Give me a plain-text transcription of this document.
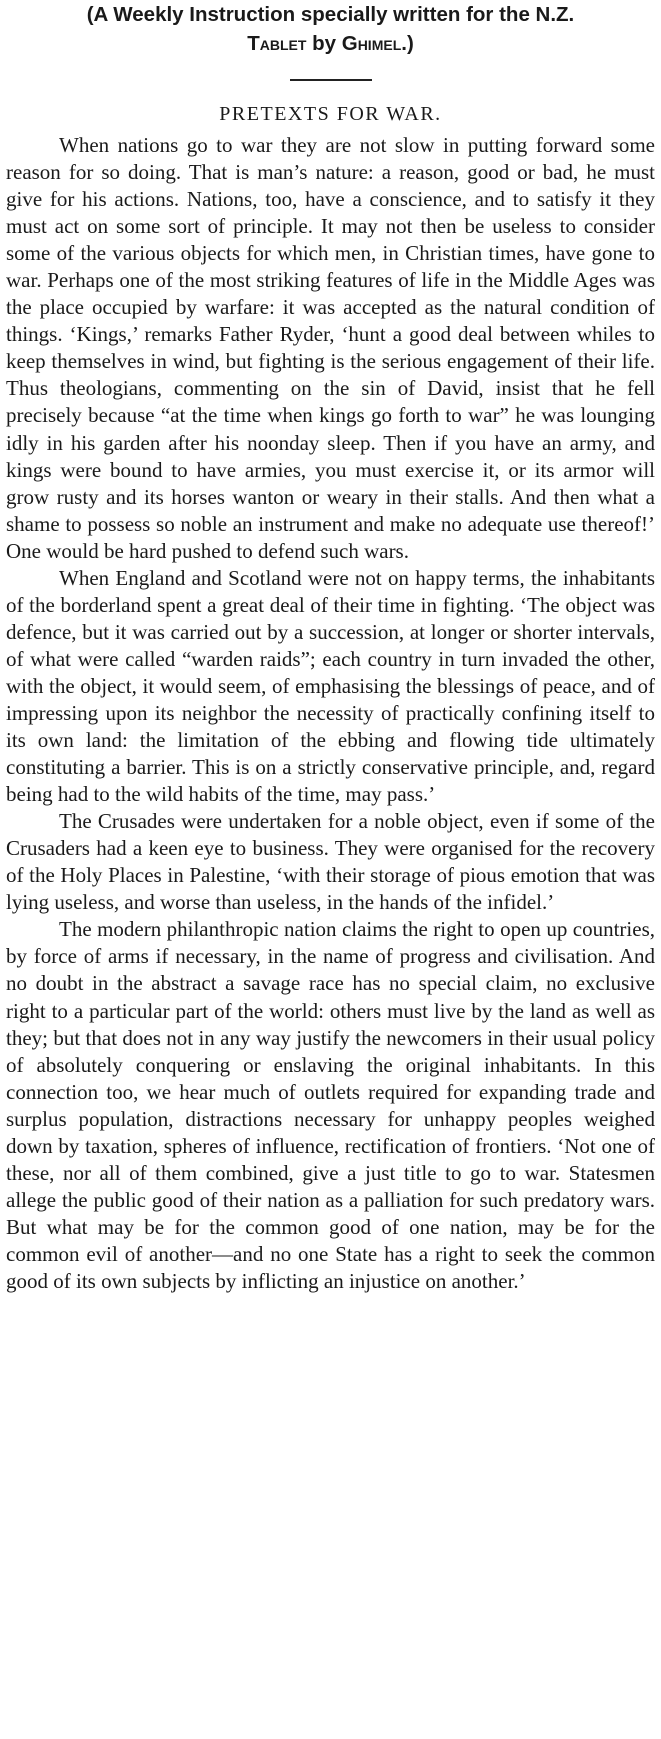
(A Weekly Instruction specially written for the N.Z.
Tablet by Ghimel.)
PRETEXTS FOR WAR.

When nations go to war they are not slow in putting forward some reason for so doing. That is man’s nature: a reason, good or bad, he must give for his actions. Nations, too, have a conscience, and to satisfy it they must act on some sort of principle. It may not then be useless to consider some of the various objects for which men, in Christian times, have gone to war. Perhaps one of the most striking features of life in the Middle Ages was the place occupied by warfare: it was accepted as the natural condition of things. ‘Kings,’ remarks Father Ryder, ‘hunt a good deal between whiles to keep themselves in wind, but fighting is the serious engagement of their life. Thus theologians, commenting on the sin of David, insist that he fell precisely because “at the time when kings go forth to war” he was lounging idly in his garden after his noonday sleep. Then if you have an army, and kings were bound to have armies, you must exercise it, or its armor will grow rusty and its horses wanton or weary in their stalls. And then what a shame to possess so noble an instrument and make no adequate use thereof!’ One would be hard pushed to defend such wars.

When England and Scotland were not on happy terms, the inhabitants of the borderland spent a great deal of their time in fighting. ‘The object was defence, but it was carried out by a succession, at longer or shorter intervals, of what were called “warden raids”; each country in turn invaded the other, with the object, it would seem, of emphasising the blessings of peace, and of impressing upon its neighbor the necessity of practically confining itself to its own land: the limitation of the ebbing and flowing tide ultimately constituting a barrier. This is on a strictly conservative principle, and, regard being had to the wild habits of the time, may pass.’

The Crusades were undertaken for a noble object, even if some of the Crusaders had a keen eye to business. They were organised for the recovery of the Holy Places in Palestine, ‘with their storage of pious emotion that was lying useless, and worse than useless, in the hands of the infidel.’

The modern philanthropic nation claims the right to open up countries, by force of arms if necessary, in the name of progress and civilisation. And no doubt in the abstract a savage race has no special claim, no exclusive right to a particular part of the world: others must live by the land as well as they; but that does not in any way justify the newcomers in their usual policy of absolutely conquering or enslaving the original inhabitants. In this connection too, we hear much of outlets required for expanding trade and surplus population, distractions necessary for unhappy peoples weighed down by taxation, spheres of influence, rectification of frontiers. ‘Not one of these, nor all of them combined, give a just title to go to war. Statesmen allege the public good of their nation as a palliation for such predatory wars. But what may be for the common good of one nation, may be for the common evil of another—and no one State has a right to seek the common good of its own subjects by inflicting an injustice on another.’
